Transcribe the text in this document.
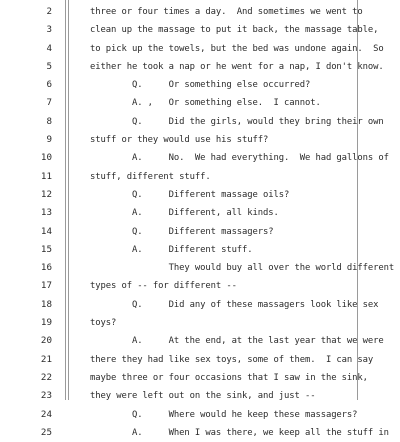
2	three or four times a day.  And sometimes we went to
3	clean up the massage to put it back, the massage table,
4	to pick up the towels, but the bed was undone again.  So
5	either he took a nap or he went for a nap, I don't know.
6	Q.     Or something else occurred?
7	A. ,   Or something else.  I cannot.
8	Q.     Did the girls, would they bring their own
9	stuff or they would use his stuff?
10	A.     No.  We had everything.  We had gallons of
11	stuff, different stuff.
12	Q.     Different massage oils?
13	A.     Different, all kinds.
14	Q.     Different massagers?
15	A.     Different stuff.
16	They would buy all over the world different
17	types of -- for different --
18	Q.     Did any of these massagers look like sex
19	toys?
20	A.     At the end, at the last year that we were
21	there they had like sex toys, some of them.  I can say
22	maybe three or four occasions that I saw in the sink,
23	they were left out on the sink, and just --
24	Q.     Where would he keep these massagers?
25	A.     When I was there, we keep all the stuff in
